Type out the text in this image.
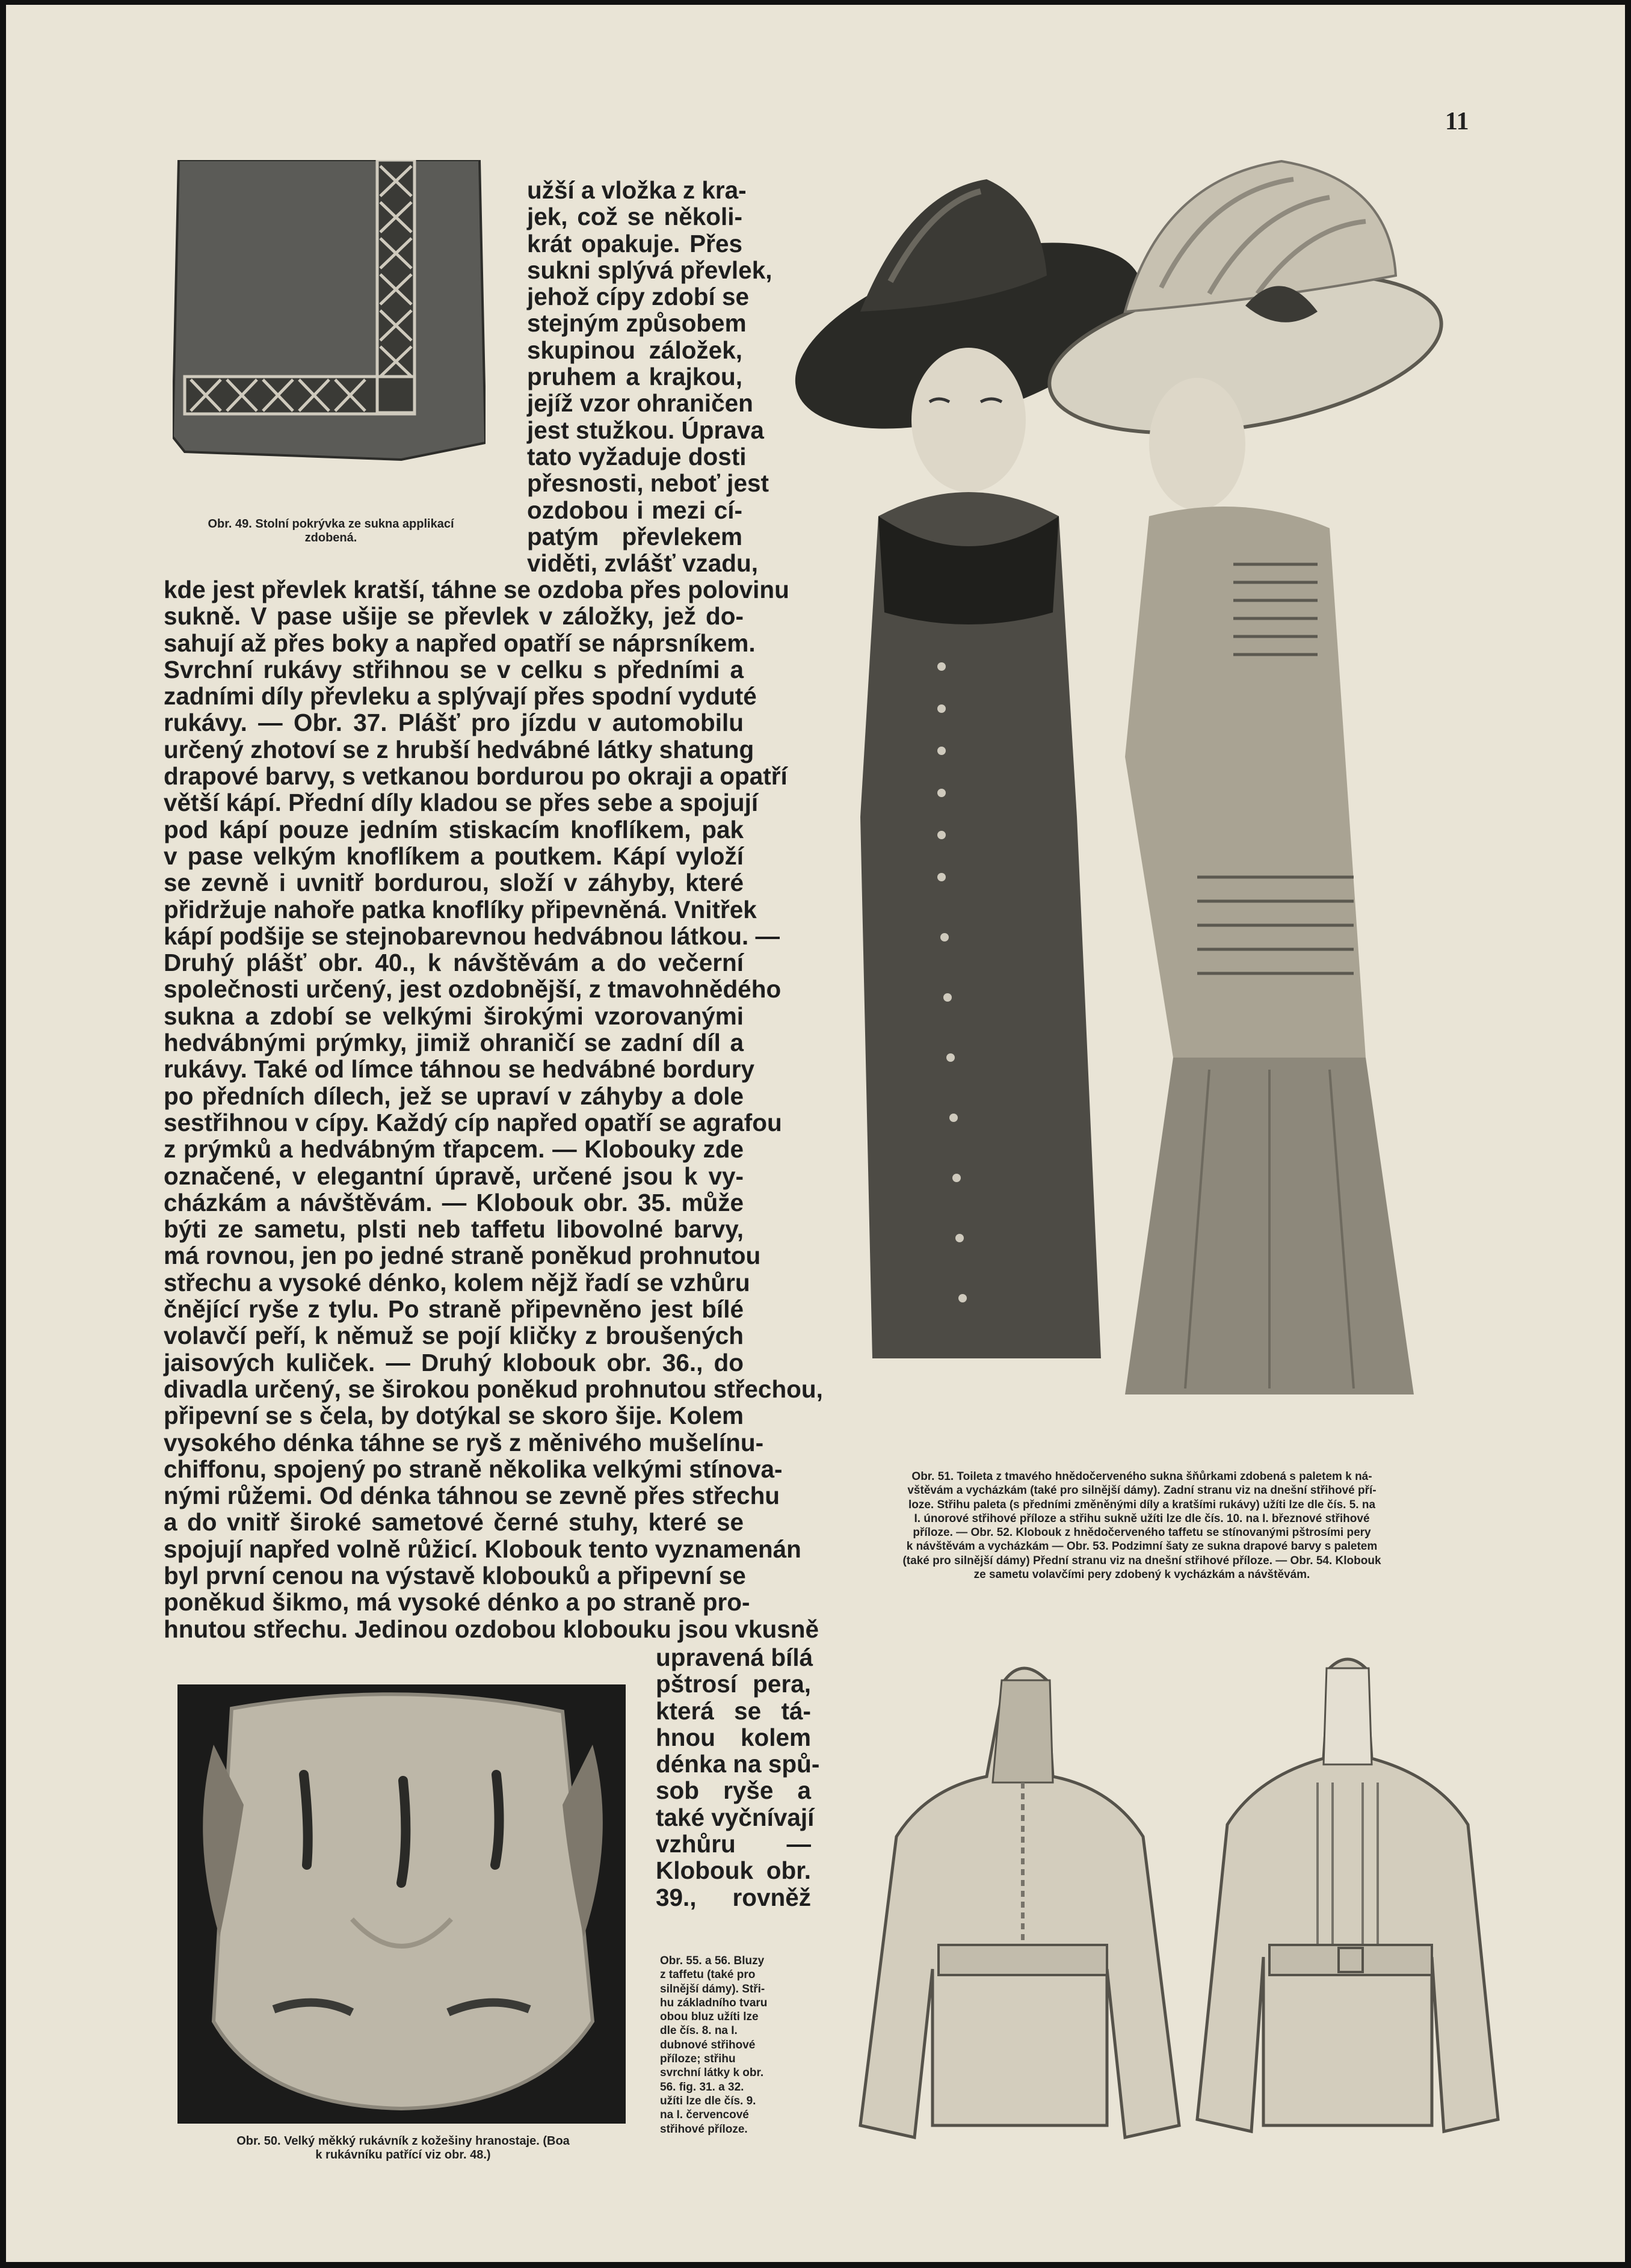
11
Obr. 49. Stolní pokrývka ze sukna applikací
zdobená.
užší a vložka z kra-
jek, což se několi-
krát opakuje. Přes
sukni splývá převlek,
jehož cípy zdobí se
stejným způsobem
skupinou záložek,
pruhem a krajkou,
jejíž vzor ohraničen
jest stužkou. Úprava
tato vyžaduje dosti
přesnosti, neboť jest
ozdobou i mezi cí-
patým převlekem
viděti, zvlášť vzadu,
kde jest převlek kratší, táhne se ozdoba přes polovinu
sukně. V pase ušije se převlek v záložky, jež do-
sahují až přes boky a napřed opatří se náprsníkem.
Svrchní rukávy střihnou se v celku s předními a
zadními díly převleku a splývají přes spodní vyduté
rukávy. — Obr. 37. Plášť pro jízdu v automobilu
určený zhotoví se z hrubší hedvábné látky shatung
drapové barvy, s vetkanou bordurou po okraji a opatří
větší kápí. Přední díly kladou se přes sebe a spojují
pod kápí pouze jedním stiskacím knoflíkem, pak
v pase velkým knoflíkem a poutkem. Kápí vyloží
se zevně i uvnitř bordurou, složí v záhyby, které
přidržuje nahoře patka knoflíky připevněná. Vnitřek
kápí podšije se stejnobarevnou hedvábnou látkou. —
Druhý plášť obr. 40., k návštěvám a do večerní
společnosti určený, jest ozdobnější, z tmavohnědého
sukna a zdobí se velkými širokými vzorovanými
hedvábnými prýmky, jimiž ohraničí se zadní díl a
rukávy. Také od límce táhnou se hedvábné bordury
po předních dílech, jež se upraví v záhyby a dole
sestřihnou v cípy. Každý cíp napřed opatří se agrafou
z prýmků a hedvábným třapcem. — Klobouky zde
označené, v elegantní úpravě, určené jsou k vy-
cházkám a návštěvám. — Klobouk obr. 35. může
býti ze sametu, plsti neb taffetu libovolné barvy,
má rovnou, jen po jedné straně poněkud prohnutou
střechu a vysoké dénko, kolem nějž řadí se vzhůru
čnějící ryše z tylu. Po straně připevněno jest bílé
volavčí peří, k němuž se pojí kličky z broušených
jaisových kuliček. — Druhý klobouk obr. 36., do
divadla určený, se širokou poněkud prohnutou střechou,
připevní se s čela, by dotýkal se skoro šije. Kolem
vysokého dénka táhne se ryš z měnivého mušelínu-
chiffonu, spojený po straně několika velkými stínova-
nými růžemi. Od dénka táhnou se zevně přes střechu
a do vnitř široké sametové černé stuhy, které se
spojují napřed volně růžicí. Klobouk tento vyznamenán
byl první cenou na výstavě klobouků a připevní se
poněkud šikmo, má vysoké dénko a po straně pro-
hnutou střechu. Jedinou ozdobou klobouku jsou vkusně
Obr. 50. Velký měkký rukávník z kožešiny hranostaje. (Boa
k rukávníku patřící viz obr. 48.)
upravená bílá
pštrosí pera,
která se tá-
hnou kolem
dénka na spů-
sob ryše a
také vyčnívají
vzhůru —
Klobouk obr.
39., rovněž
Obr. 55. a 56. Bluzy
z taffetu (také pro
silnější dámy). Stři-
hu základního tvaru
obou bluz užíti lze
dle čís. 8. na I.
dubnové střihové
příloze; střihu
svrchní látky k obr.
56. fig. 31. a 32.
užíti lze dle čís. 9.
na I. červencové
střihové příloze.
Obr. 51. Toileta z tmavého hnědočerveného sukna šňůrkami zdobená s paletem k ná-
vštěvám a vycházkám (také pro silnější dámy). Zadní stranu viz na dnešní střihové pří-
loze. Střihu paleta (s předními změněnými díly a kratšími rukávy) užíti lze dle čís. 5. na
I. únorové střihové příloze a střihu sukně užíti lze dle čís. 10. na I. březnové střihové
příloze. — Obr. 52. Klobouk z hnědočerveného taffetu se stínovanými pštrosími pery
k návštěvám a vycházkám — Obr. 53. Podzimní šaty ze sukna drapové barvy s paletem
(také pro silnější dámy) Přední stranu viz na dnešní střihové příloze. — Obr. 54. Klobouk
ze sametu volavčími pery zdobený k vycházkám a návštěvám.
